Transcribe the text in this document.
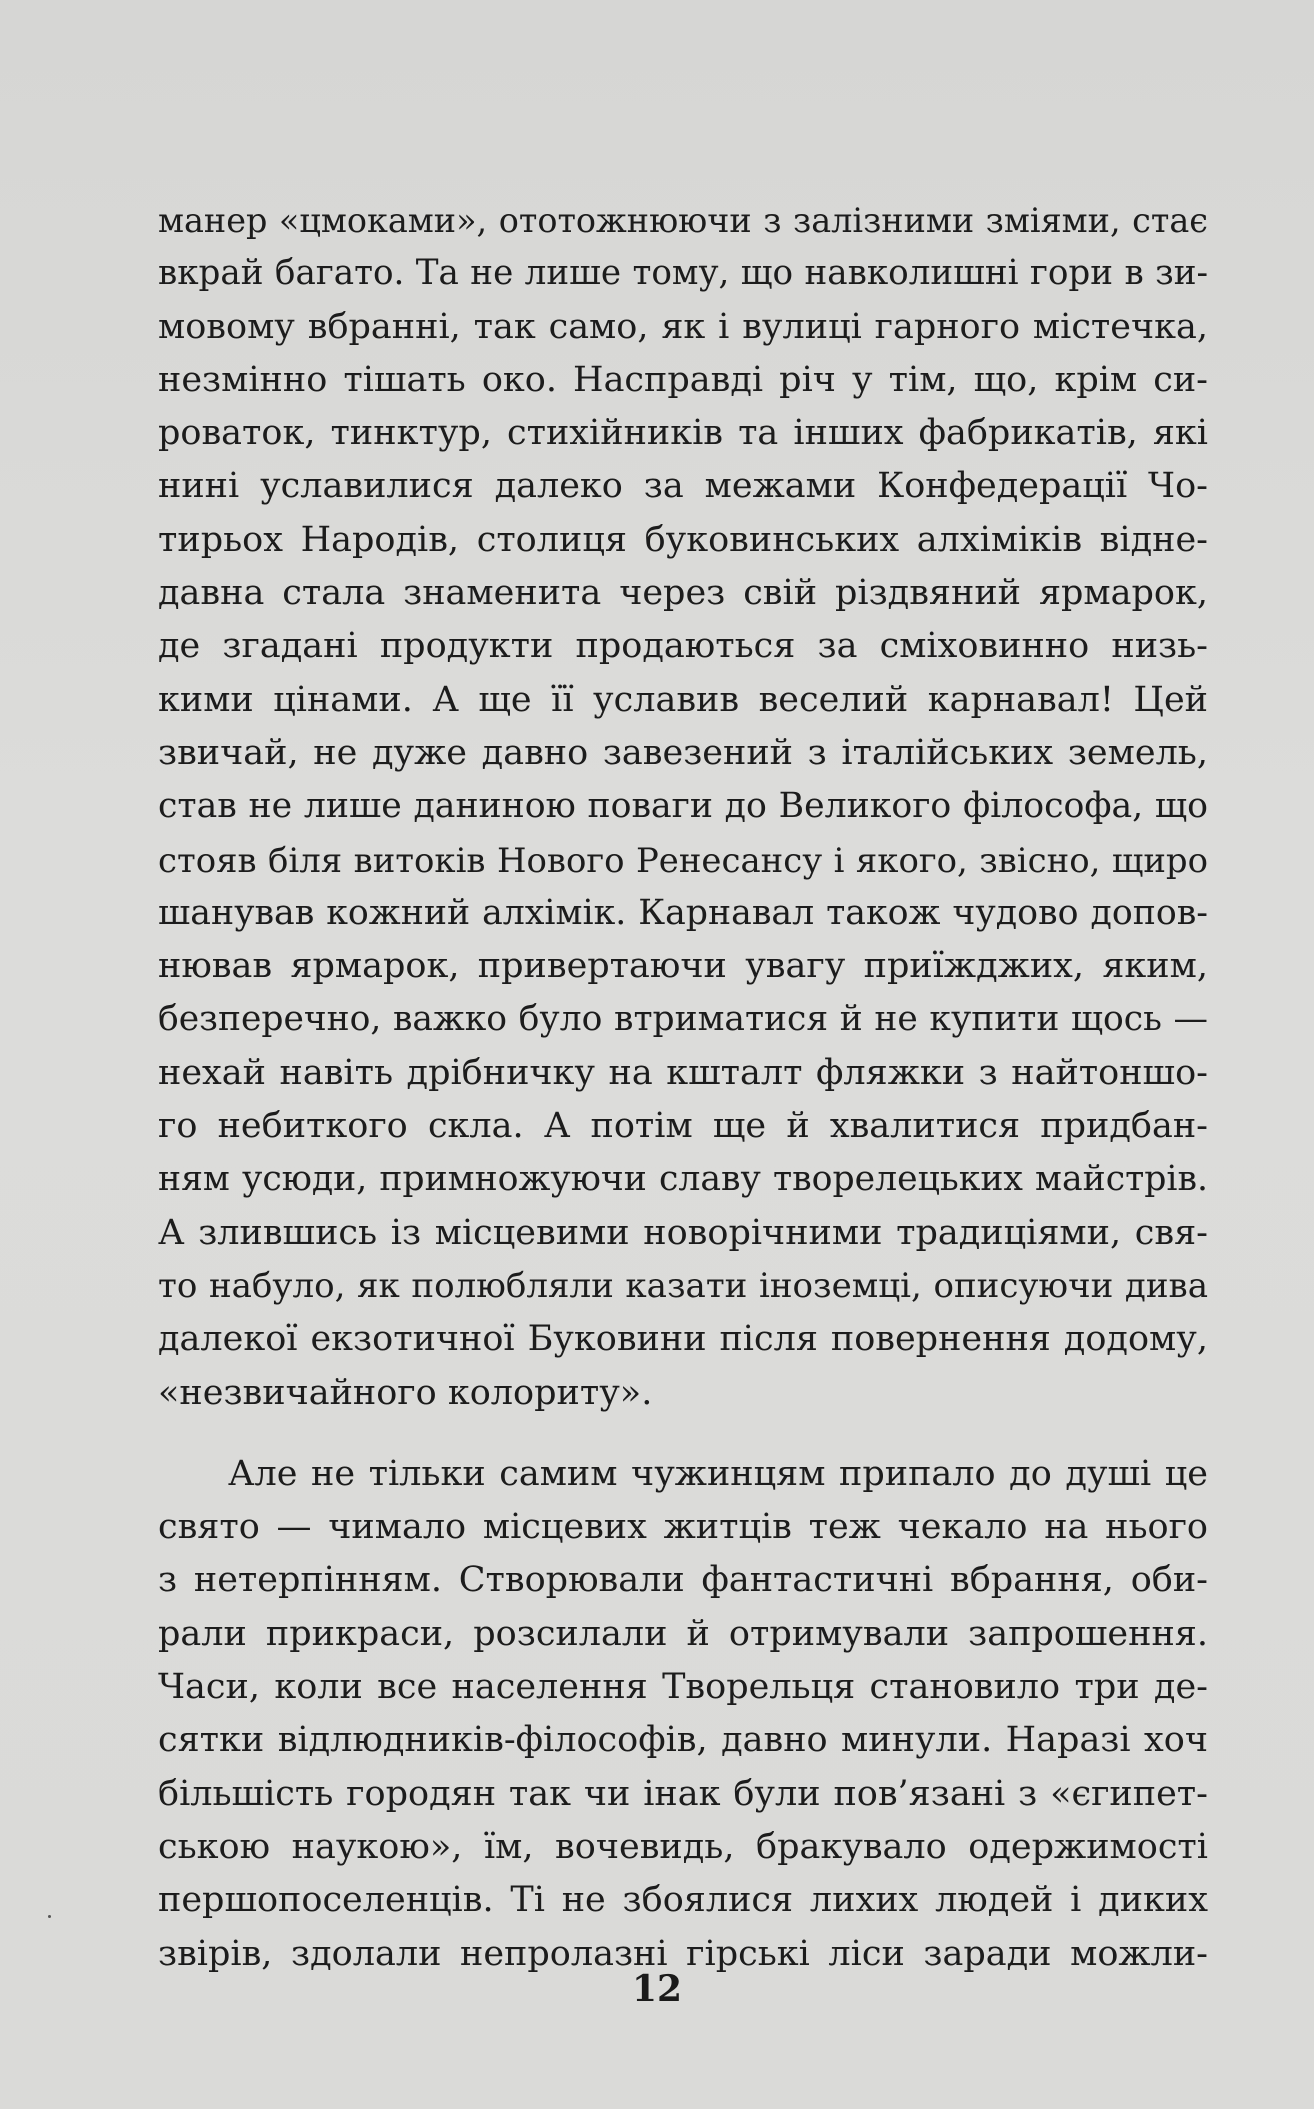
манер «цмоками», ототожнюючи з залізними зміями, стає
вкрай багато. Та не лише тому, що навколишні гори в зи-
мовому вбранні, так само, як і вулиці гарного містечка,
незмінно тішать око. Насправді річ у тім, що, крім си-
роваток, тинктур, стихійників та інших фабрикатів, які
нині уславилися далеко за межами Конфедерації Чо-
тирьох Народів, столиця буковинських алхіміків відне-
давна стала знаменита через свій різдвяний ярмарок,
де згадані продукти продаються за сміховинно низь-
кими цінами. А ще її уславив веселий карнавал! Цей
звичай, не дуже давно завезений з італійських земель,
став не лише даниною поваги до Великого філософа, що
стояв біля витоків Нового Ренесансу і якого, звісно, щиро
шанував кожний алхімік. Карнавал також чудово допов-
нював ярмарок, привертаючи увагу приїжджих, яким,
безперечно, важко було втриматися й не купити щось —
нехай навіть дрібничку на кшталт фляжки з найтоншо-
го небиткого скла. А потім ще й хвалитися придбан-
ням усюди, примножуючи славу творелецьких майстрів.
А злившись із місцевими новорічними традиціями, свя-
то набуло, як полюбляли казати іноземці, описуючи дива
далекої екзотичної Буковини після повернення додому,
«незвичайного колориту».
Але не тільки самим чужинцям припало до душі це
свято — чимало місцевих житців теж чекало на нього
з нетерпінням. Створювали фантастичні вбрання, оби-
рали прикраси, розсилали й отримували запрошення.
Часи, коли все населення Творельця становило три де-
сятки відлюдників-філософів, давно минули. Наразі хоч
більшість городян так чи інак були пов’язані з «єгипет-
ською наукою», їм, вочевидь, бракувало одержимості
першопоселенців. Ті не збоялися лихих людей і диких
звірів, здолали непролазні гірські ліси заради можли-
12
